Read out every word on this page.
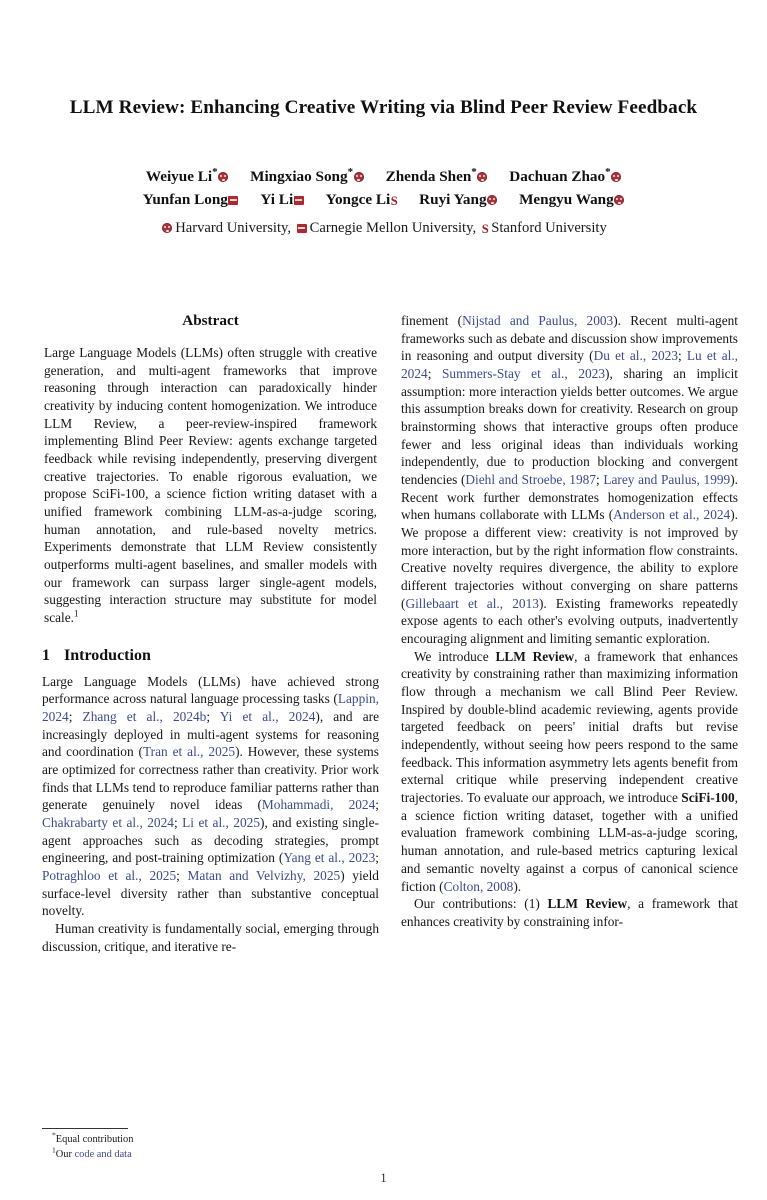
LLM Review: Enhancing Creative Writing via Blind Peer Review Feedback
Weiyue Li* Mingxiao Song* Zhenda Shen* Dachuan Zhao*
Yunfan Long Yi Li Yongce LiS Ruyi Yang Mengyu Wang
Harvard University, Carnegie Mellon University, S Stanford University
Abstract
Large Language Models (LLMs) often struggle with creative generation, and multi-agent frameworks that improve reasoning through interaction can paradoxically hinder creativity by inducing content homogenization. We introduce LLM Review, a peer-review-inspired framework implementing Blind Peer Review: agents exchange targeted feedback while revising independently, preserving divergent creative trajectories. To enable rigorous evaluation, we propose SciFi-100, a science fiction writing dataset with a unified framework combining LLM-as-a-judge scoring, human annotation, and rule-based novelty metrics. Experiments demonstrate that LLM Review consistently outperforms multi-agent baselines, and smaller models with our framework can surpass larger single-agent models, suggesting interaction structure may substitute for model scale.$^1$
1 Introduction

Large Language Models (LLMs) have achieved strong performance across natural language processing tasks (Lappin, 2024; Zhang et al., 2024b; Yi et al., 2024), and are increasingly deployed in multi-agent systems for reasoning and coordination (Tran et al., 2025). However, these systems are optimized for correctness rather than creativity. Prior work finds that LLMs tend to reproduce familiar patterns rather than generate genuinely novel ideas (Mohammadi, 2024; Chakrabarty et al., 2024; Li et al., 2025), and existing single-agent approaches such as decoding strategies, prompt engineering, and post-training optimization (Yang et al., 2023; Potraghloo et al., 2025; Matan and Velvizhy, 2025) yield surface-level diversity rather than substantive conceptual novelty.

Human creativity is fundamentally social, emerging through discussion, critique, and iterative re-

finement (Nijstad and Paulus, 2003). Recent multi-agent frameworks such as debate and discussion show improvements in reasoning and output diversity (Du et al., 2023; Lu et al., 2024; Summers-Stay et al., 2023), sharing an implicit assumption: more interaction yields better outcomes. We argue this assumption breaks down for creativity. Research on group brainstorming shows that interactive groups often produce fewer and less original ideas than individuals working independently, due to production blocking and convergent tendencies (Diehl and Stroebe, 1987; Larey and Paulus, 1999). Recent work further demonstrates homogenization effects when humans collaborate with LLMs (Anderson et al., 2024). We propose a different view: creativity is not improved by more interaction, but by the right information flow constraints. Creative novelty requires divergence, the ability to explore different trajectories without converging on share patterns (Gillebaart et al., 2013). Existing frameworks repeatedly expose agents to each other's evolving outputs, inadvertently encouraging alignment and limiting semantic exploration.

We introduce LLM Review, a framework that enhances creativity by constraining rather than maximizing information flow through a mechanism we call Blind Peer Review. Inspired by double-blind academic reviewing, agents provide targeted feedback on peers' initial drafts but revise independently, without seeing how peers respond to the same feedback. This information asymmetry lets agents benefit from external critique while preserving independent creative trajectories. To evaluate our approach, we introduce SciFi-100, a science fiction writing dataset, together with a unified evaluation framework combining LLM-as-a-judge scoring, human annotation, and rule-based metrics capturing lexical and semantic novelty against a corpus of canonical science fiction (Colton, 2008).

Our contributions: (1) LLM Review, a framework that enhances creativity by constraining infor-

*Equal contribution

$^1$Our code and data

1
